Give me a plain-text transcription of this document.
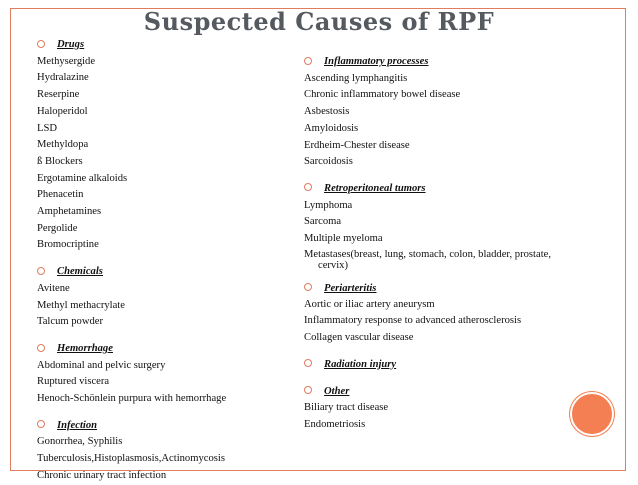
Suspected Causes of RPF
Drugs
Methysergide
Hydralazine
Reserpine
Haloperidol
LSD
Methyldopa
ß Blockers
Ergotamine alkaloids
Phenacetin
Amphetamines
Pergolide
Bromocriptine
Chemicals
Avitene
Methyl methacrylate
Talcum powder
Hemorrhage
Abdominal and pelvic surgery
Ruptured viscera
Henoch-Schönlein purpura with hemorrhage
Infection
Gonorrhea, Syphilis
Tuberculosis,Histoplasmosis,Actinomycosis
Chronic urinary tract infection
Inflammatory processes
Ascending lymphangitis
Chronic inflammatory bowel disease
Asbestosis
Amyloidosis
Erdheim-Chester disease
Sarcoidosis
Retroperitoneal tumors
Lymphoma
Sarcoma
Multiple myeloma
Metastases(breast, lung, stomach, colon, bladder, prostate, cervix)
Periarteritis
Aortic or iliac artery aneurysm
Inflammatory response to advanced atherosclerosis
Collagen vascular disease
Radiation injury
Other
Biliary tract disease
Endometriosis
